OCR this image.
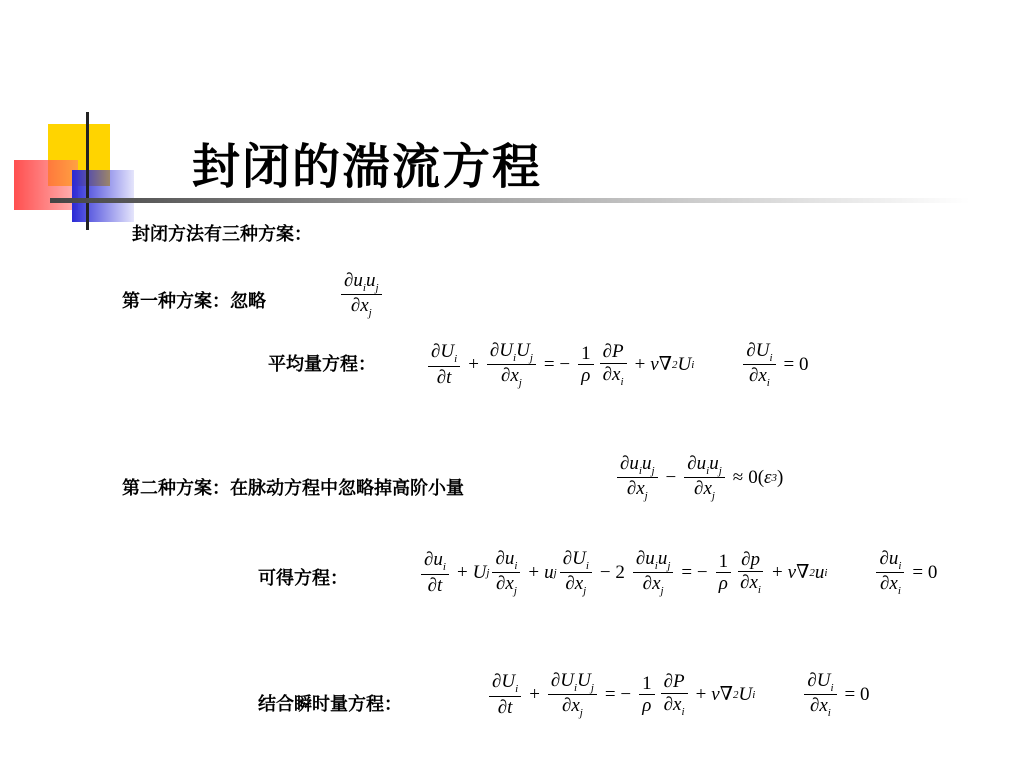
封闭的湍流方程
封闭方法有三种方案：
第一种方案：忽略	$\frac{\partial u_iu_j}{\partial x_j}$
平均量方程：	$\frac{\partial U_i}{\partial t} + \frac{\partial U_iU_j}{\partial x_j}$ = − $\frac{1}{\rho} \frac{\partial P}{\partial x_i} + \nu$ ∇ 2 U i	$\frac{\partial U_i}{\partial x_i} = 0$
第二种方案：在脉动方程中忽略掉高阶小量	$\frac{\partial u_iu_j}{\partial x_j} - \frac{\partial u_iu_j}{\partial x_j} \approx 0$( ε 3 )
可得方程：	$\frac{\partial u_i}{\partial t} + U$ j $\frac{\partial u_i}{\partial x_j} + u$ j $\frac{\partial U_i}{\partial x_j} - 2 \frac{\partial u_iu_j}{\partial x_j}$ = − $\frac{1}{\rho} \frac{\partial p}{\partial x_i} + \nu$ ∇ 2 u i	$\frac{\partial u_i}{\partial x_i} = 0$
结合瞬时量方程：	$\frac{\partial U_i}{\partial t} + \frac{\partial U_iU_j}{\partial x_j}$ = − $\frac{1}{\rho} \frac{\partial P}{\partial x_i} + \nu$ ∇ 2 U i	$\frac{\partial U_i}{\partial x_i} = 0$
